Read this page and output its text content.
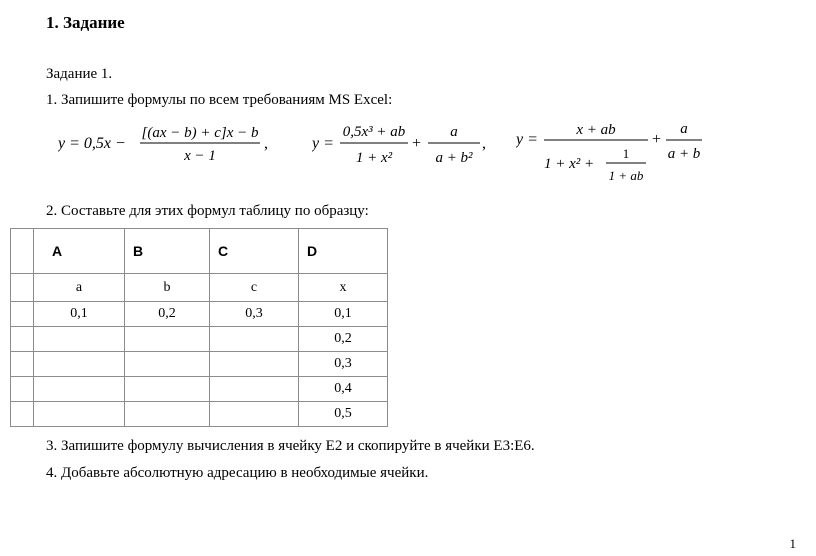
1. Задание
Задание 1.
1. Запишите формулы по всем требованиям MS Excel:
y = 0,5x −
[(ax − b) + c]x − b
x − 1
,	y =
0,5x³ + ab
1 + x²
+
a
a + b²
, y =
x + ab
1 + x² +
1
1 + ab
+
a
a + b
2. Составьте для этих формул таблицу по образцу:
	A	B	C	D
	a	b	c	x
	0,1	0,2	0,3	0,1
				0,2
				0,3
				0,4
				0,5
3. Запишите формулу вычисления в ячейку E2 и скопируйте в ячейки E3:E6.
4. Добавьте абсолютную адресацию в необходимые ячейки.
1
